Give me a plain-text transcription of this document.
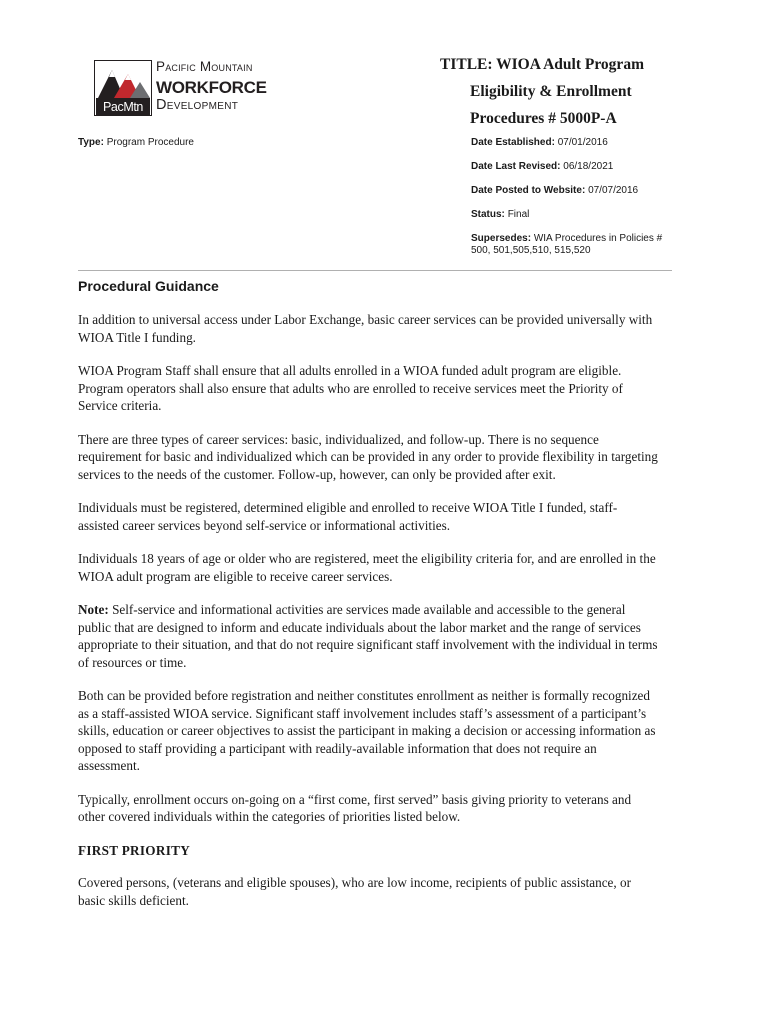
PacMtn
Pacific Mountain
WORKFORCE
Development
TITLE: WIOA Adult Program
Eligibility & Enrollment
Procedures # 5000P-A
Type: Program Procedure	Date Established: 07/01/2016
Date Last Revised: 06/18/2021
Date Posted to Website: 07/07/2016
Status: Final
Supersedes: WIA Procedures in Policies # 500, 501,505,510, 515,520
Procedural Guidance

In addition to universal access under Labor Exchange, basic career services can be provided universally with WIOA Title I funding.

WIOA Program Staff shall ensure that all adults enrolled in a WIOA funded adult program are eligible. Program operators shall also ensure that adults who are enrolled to receive services meet the Priority of Service criteria.

There are three types of career services: basic, individualized, and follow-up. There is no sequence requirement for basic and individualized which can be provided in any order to provide flexibility in targeting services to the needs of the customer. Follow-up, however, can only be provided after exit.

Individuals must be registered, determined eligible and enrolled to receive WIOA Title I funded, staff-assisted career services beyond self-service or informational activities.

Individuals 18 years of age or older who are registered, meet the eligibility criteria for, and are enrolled in the WIOA adult program are eligible to receive career services.

Note: Self-service and informational activities are services made available and accessible to the general public that are designed to inform and educate individuals about the labor market and the range of services appropriate to their situation, and that do not require significant staff involvement with the individual in terms of resources or time.

Both can be provided before registration and neither constitutes enrollment as neither is formally recognized as a staff-assisted WIOA service. Significant staff involvement includes staff’s assessment of a participant’s skills, education or career objectives to assist the participant in making a decision or accessing information as opposed to staff providing a participant with readily-available information that does not require an assessment.

Typically, enrollment occurs on-going on a “first come, first served” basis giving priority to veterans and other covered individuals within the categories of priorities listed below.

FIRST PRIORITY

Covered persons, (veterans and eligible spouses), who are low income, recipients of public assistance, or basic skills deficient.
